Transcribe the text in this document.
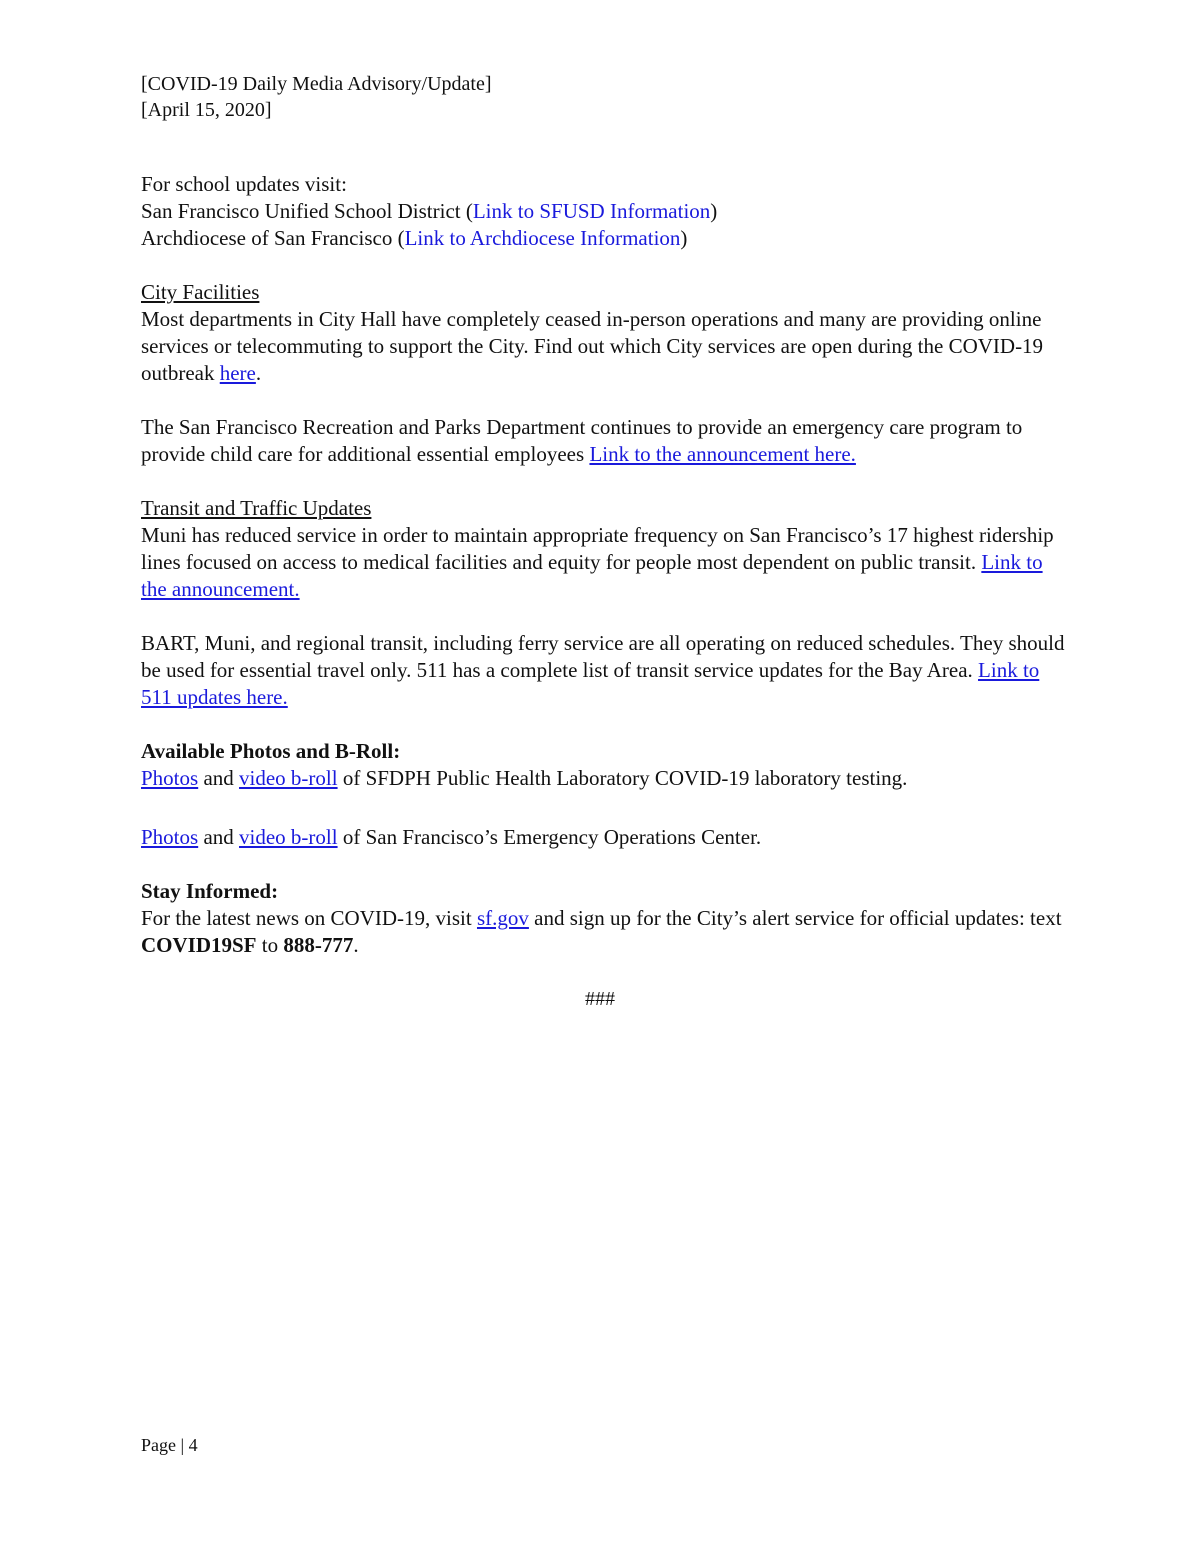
[COVID-19 Daily Media Advisory/Update]
[April 15, 2020]

For school updates visit:

San Francisco Unified School District (Link to SFUSD Information)

Archdiocese of San Francisco (Link to Archdiocese Information)

City Facilities

Most departments in City Hall have completely ceased in-person operations and many are providing online services or telecommuting to support the City. Find out which City services are open during the COVID-19 outbreak here.

The San Francisco Recreation and Parks Department continues to provide an emergency care program to provide child care for additional essential employees Link to the announcement here.

Transit and Traffic Updates

Muni has reduced service in order to maintain appropriate frequency on San Francisco’s 17 highest ridership lines focused on access to medical facilities and equity for people most dependent on public transit. Link to the announcement.

BART, Muni, and regional transit, including ferry service are all operating on reduced schedules. They should be used for essential travel only. 511 has a complete list of transit service updates for the Bay Area. Link to 511 updates here.

Available Photos and B-Roll:

Photos and video b-roll of SFDPH Public Health Laboratory COVID-19 laboratory testing.

Photos and video b-roll of San Francisco’s Emergency Operations Center.

Stay Informed:

For the latest news on COVID-19, visit sf.gov and sign up for the City’s alert service for official updates: text COVID19SF to 888-777.

###
Page | 4
